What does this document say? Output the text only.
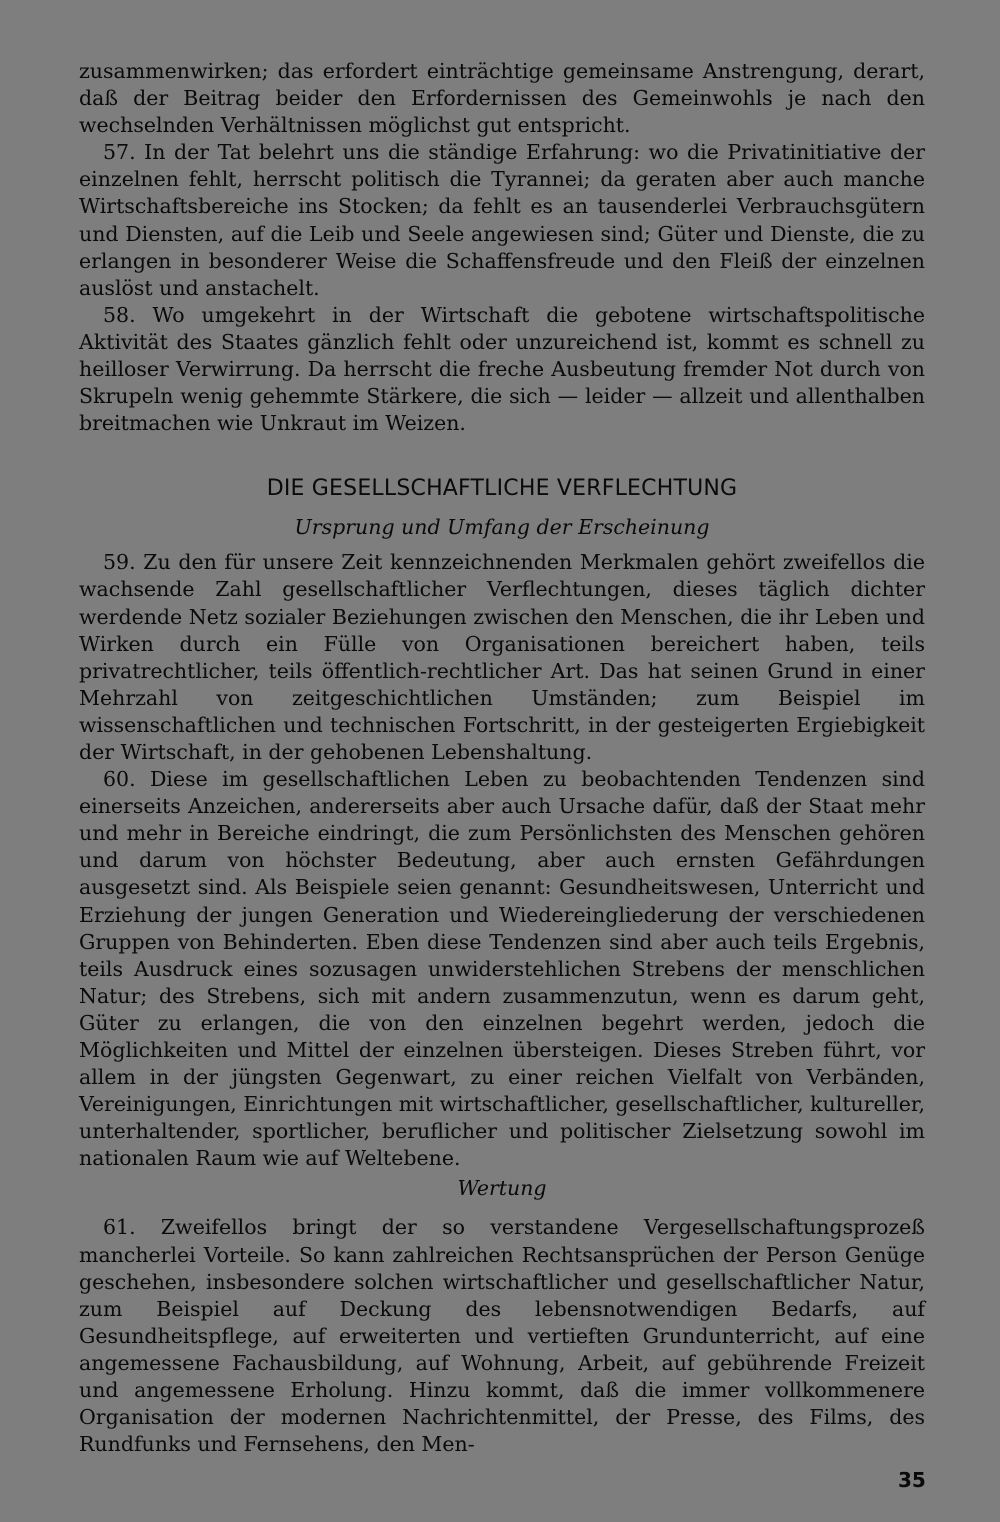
zusammenwirken; das erfordert einträchtige gemeinsame Anstrengung, derart, daß der Beitrag beider den Erfordernissen des Gemeinwohls je nach den wechselnden Verhältnissen möglichst gut entspricht.

57. In der Tat belehrt uns die ständige Erfahrung: wo die Privatinitiative der einzelnen fehlt, herrscht politisch die Tyrannei; da geraten aber auch manche Wirtschaftsbereiche ins Stocken; da fehlt es an tausenderlei Verbrauchsgütern und Diensten, auf die Leib und Seele angewiesen sind; Güter und Dienste, die zu erlangen in besonderer Weise die Schaffensfreude und den Fleiß der einzelnen auslöst und anstachelt.

58. Wo umgekehrt in der Wirtschaft die gebotene wirtschaftspolitische Aktivität des Staates gänzlich fehlt oder unzureichend ist, kommt es schnell zu heilloser Verwirrung. Da herrscht die freche Ausbeutung fremder Not durch von Skrupeln wenig gehemmte Stärkere, die sich — leider — allzeit und allenthalben breitmachen wie Unkraut im Weizen.

DIE GESELLSCHAFTLICHE VERFLECHTUNG
Ursprung und Umfang der Erscheinung

59. Zu den für unsere Zeit kennzeichnenden Merkmalen gehört zweifellos die wachsende Zahl gesellschaftlicher Verflechtungen, dieses täglich dichter werdende Netz sozialer Beziehungen zwischen den Menschen, die ihr Leben und Wirken durch ein Fülle von Organisationen bereichert haben, teils privatrechtlicher, teils öffentlich-rechtlicher Art. Das hat seinen Grund in einer Mehrzahl von zeitgeschichtlichen Umständen; zum Beispiel im wissenschaftlichen und technischen Fortschritt, in der gesteigerten Ergiebigkeit der Wirtschaft, in der gehobenen Lebenshaltung.

60. Diese im gesellschaftlichen Leben zu beobachtenden Tendenzen sind einerseits Anzeichen, andererseits aber auch Ursache dafür, daß der Staat mehr und mehr in Bereiche eindringt, die zum Persönlichsten des Menschen gehören und darum von höchster Bedeutung, aber auch ernsten Gefährdungen ausgesetzt sind. Als Beispiele seien genannt: Gesundheitswesen, Unterricht und Erziehung der jungen Generation und Wiedereingliederung der verschiedenen Gruppen von Behinderten. Eben diese Tendenzen sind aber auch teils Ergebnis, teils Ausdruck eines sozusagen unwiderstehlichen Strebens der menschlichen Natur; des Strebens, sich mit andern zusammenzutun, wenn es darum geht, Güter zu erlangen, die von den einzelnen begehrt werden, jedoch die Möglichkeiten und Mittel der einzelnen übersteigen. Dieses Streben führt, vor allem in der jüngsten Gegenwart, zu einer reichen Vielfalt von Verbänden, Vereinigungen, Einrichtungen mit wirtschaftlicher, gesellschaftlicher, kultureller, unterhaltender, sportlicher, beruflicher und politischer Zielsetzung sowohl im nationalen Raum wie auf Weltebene.

Wertung

61. Zweifellos bringt der so verstandene Vergesellschaftungsprozeß mancherlei Vorteile. So kann zahlreichen Rechtsansprüchen der Person Genüge geschehen, insbesondere solchen wirtschaftlicher und gesellschaftlicher Natur, zum Beispiel auf Deckung des lebensnotwendigen Bedarfs, auf Gesundheitspflege, auf erweiterten und vertieften Grundunterricht, auf eine angemessene Fachausbildung, auf Wohnung, Arbeit, auf gebührende Freizeit und angemessene Erholung. Hinzu kommt, daß die immer vollkommenere Organisation der modernen Nachrichtenmittel, der Presse, des Films, des Rundfunks und Fernsehens, den Men-

35
